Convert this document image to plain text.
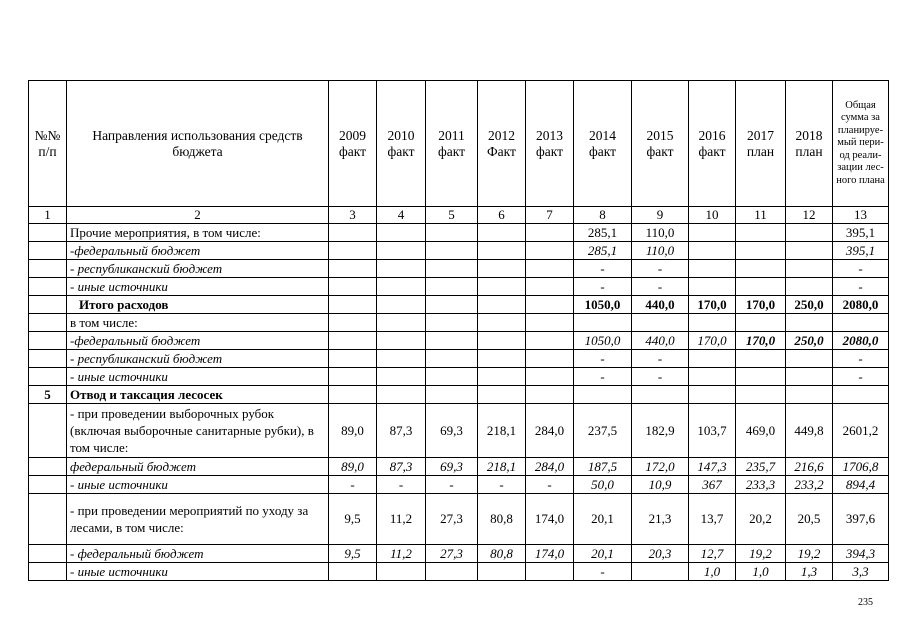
№№ п/п	Направления использования средств бюджета	2009 факт	2010 факт	2011 факт	2012 Факт	2013 факт	2014 факт	2015 факт	2016 факт	2017 план	2018 план	Общая сумма за планируе-мый пери-од реали-зации лес-ного плана
1	2	3	4	5	6	7	8	9	10	11	12	13
	Прочие мероприятия, в том числе:						285,1	110,0				395,1
	-федеральный бюджет						285,1	110,0				395,1
	- республиканский бюджет						-	-				-
	- иные источники						-	-				-
	Итого расходов						1050,0	440,0	170,0	170,0	250,0	2080,0
	в том числе:											
	-федеральный бюджет						1050,0	440,0	170,0	170,0	250,0	2080,0
	- республиканский бюджет						-	-				-
	- иные источники						-	-				-
5	Отвод и таксация лесосек											
	- при проведении выборочных рубок (включая выборочные санитарные рубки), в том числе:	89,0	87,3	69,3	218,1	284,0	237,5	182,9	103,7	469,0	449,8	2601,2
	федеральный бюджет	89,0	87,3	69,3	218,1	284,0	187,5	172,0	147,3	235,7	216,6	1706,8
	- иные источники	-	-	-	-	-	50,0	10,9	367	233,3	233,2	894,4
	- при проведении мероприятий по уходу за лесами, в том числе:	9,5	11,2	27,3	80,8	174,0	20,1	21,3	13,7	20,2	20,5	397,6
	- федеральный бюджет	9,5	11,2	27,3	80,8	174,0	20,1	20,3	12,7	19,2	19,2	394,3
	- иные источники						-		1,0	1,0	1,3	3,3
235
